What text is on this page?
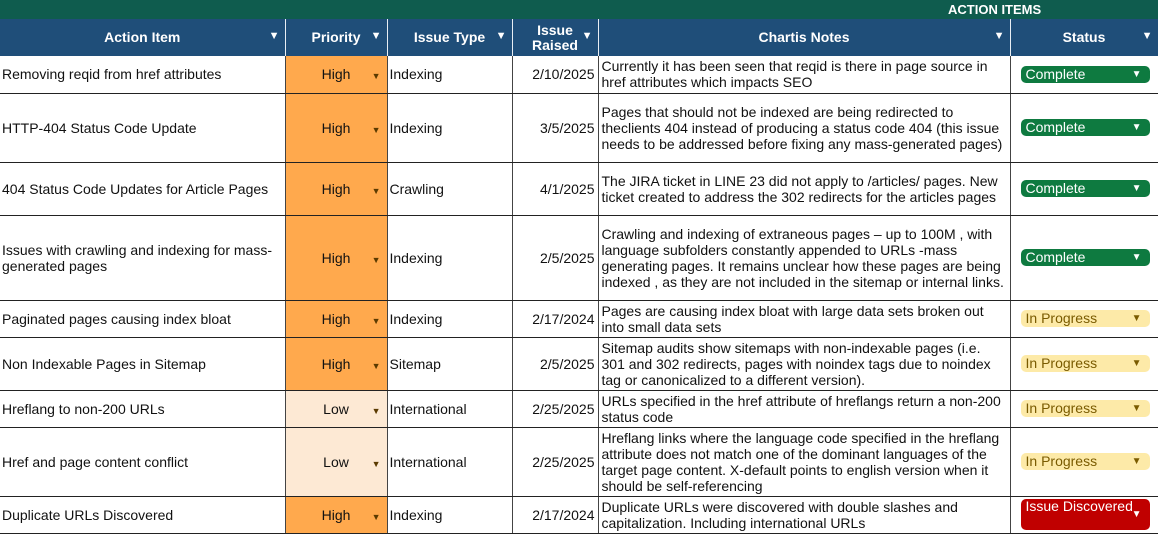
ACTION ITEMS
Action Item ▼	Priority ▼	Issue Type ▼	Issue
Raised
▼	Chartis Notes ▼	Status ▼

Removing reqid from href attributes	High ▼	Indexing	2/10/2025	Currently it has been seen that reqid is there in page source in href attributes which impacts SEO	Complete ▼

HTTP-404 Status Code Update	High ▼	Indexing	3/5/2025	Pages that should not be indexed are being redirected to theclients 404 instead of producing a status code 404 (this issue needs to be addressed before fixing any mass-generated pages)	Complete ▼

404 Status Code Updates for Article Pages	High ▼	Crawling	4/1/2025	The JIRA ticket in LINE 23 did not apply to /articles/ pages. New ticket created to address the 302 redirects for the articles pages	Complete ▼

Issues with crawling and indexing for mass-generated pages	High ▼	Indexing	2/5/2025	Crawling and indexing of extraneous pages – up to 100M , with language subfolders constantly appended to URLs -mass generating pages. It remains unclear how these pages are being indexed , as they are not included in the sitemap or internal links.	Complete ▼

Paginated pages causing index bloat	High ▼	Indexing	2/17/2024	Pages are causing index bloat with large data sets broken out into small data sets	In Progress ▼

Non Indexable Pages in Sitemap	High ▼	Sitemap	2/5/2025	Sitemap audits show sitemaps with non-indexable pages (i.e. 301 and 302 redirects, pages with noindex tags due to noindex tag or canonicalized to a different version).	In Progress ▼

Hreflang to non-200 URLs	Low ▼	International	2/25/2025	URLs specified in the href attribute of hreflangs return a non-200 status code	In Progress ▼

Href and page content conflict	Low ▼	International	2/25/2025	Hreflang links where the language code specified in the hreflang attribute does not match one of the dominant languages of the target page content. X-default points to english version when it should be self-referencing	In Progress ▼

Duplicate URLs Discovered	High ▼	Indexing	2/17/2024	Duplicate URLs were discovered with double slashes and capitalization. Including international URLs	Issue Discovered
▼
